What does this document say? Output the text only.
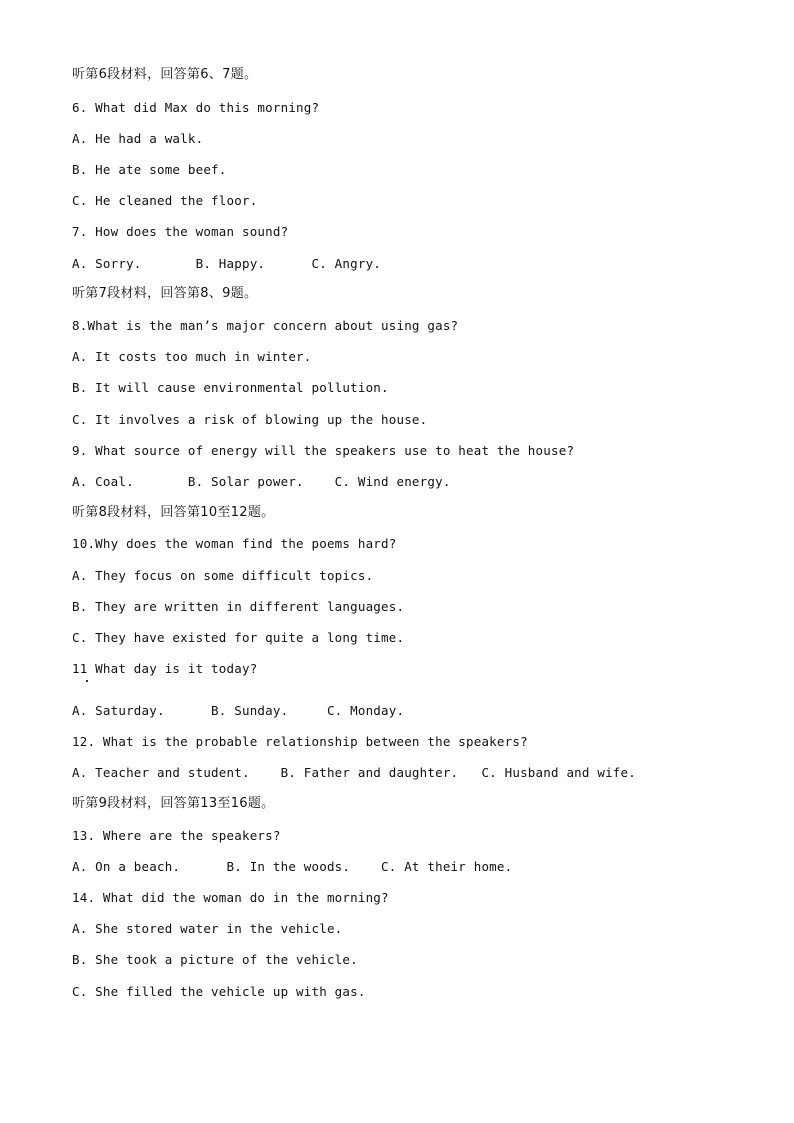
听第6段材料，回答第6、7题。
6. What did Max do this morning?
A. He had a walk.
B. He ate some beef.
C. He cleaned the floor.
7. How does the woman sound?
A. Sorry.       B. Happy.      C. Angry.
听第7段材料，回答第8、9题。
8.What is the man’s major concern about using gas?
A. It costs too much in winter.
B. It will cause environmental pollution.
C. It involves a risk of blowing up the house.
9. What source of energy will the speakers use to heat the house?
A. Coal.       B. Solar power.    C. Wind energy.
听第8段材料，回答第10至12题。
10.Why does the woman find the poems hard?
A. They focus on some difficult topics.
B. They are written in different languages.
C. They have existed for quite a long time.
11 What day is it today?
A. Saturday.      B. Sunday.     C. Monday.
12. What is the probable relationship between the speakers?
A. Teacher and student.    B. Father and daughter.   C. Husband and wife.
听第9段材料，回答第13至16题。
13. Where are the speakers?
A. On a beach.      B. In the woods.    C. At their home.
14. What did the woman do in the morning?
A. She stored water in the vehicle.
B. She took a picture of the vehicle.
C. She filled the vehicle up with gas.
